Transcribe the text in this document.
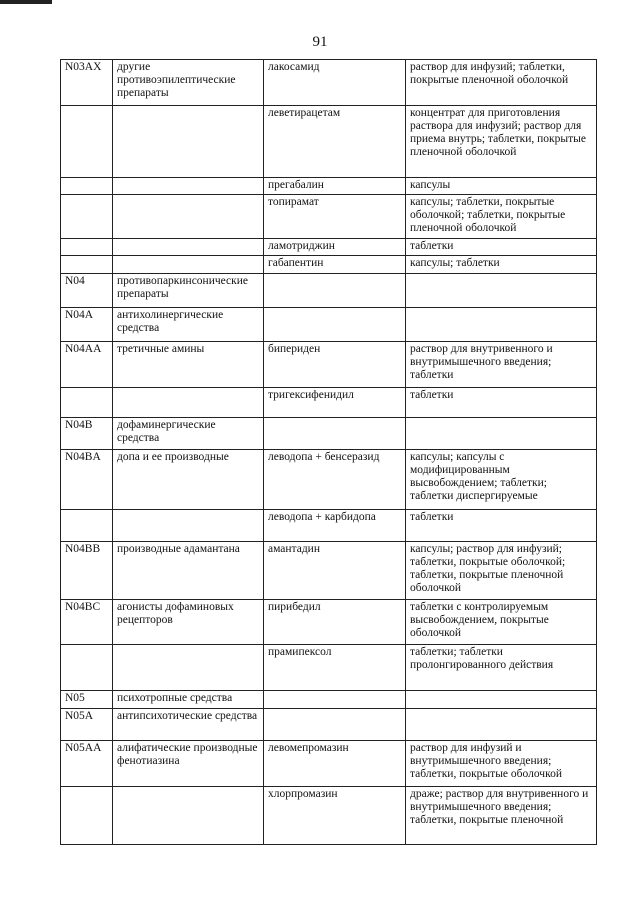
91
N03AX	другие противоэпилептические препараты	лакосамид	раствор для инфузий; таблетки, покрытые пленочной оболочкой
		леветирацетам	концентрат для приготовления раствора для инфузий; раствор для приема внутрь; таблетки, покрытые пленочной оболочкой
		прегабалин	капсулы
		топирамат	капсулы; таблетки, покрытые оболочкой; таблетки, покрытые пленочной оболочкой
		ламотриджин	таблетки
		габапентин	капсулы; таблетки
N04	противопаркинсонические препараты		
N04A	антихолинергические средства		
N04AA	третичные амины	бипериден	раствор для внутривенного и внутримышечного введения; таблетки
		тригексифенидил	таблетки
N04B	дофаминергические средства		
N04BA	допа и ее производные	леводопа + бенсеразид	капсулы; капсулы с модифицированным высвобождением; таблетки; таблетки диспергируемые
		леводопа + карбидопа	таблетки
N04BB	производные адамантана	амантадин	капсулы; раствор для инфузий; таблетки, покрытые оболочкой; таблетки, покрытые пленочной оболочкой
N04BC	агонисты дофаминовых рецепторов	пирибедил	таблетки с контролируемым высвобождением, покрытые оболочкой
		прамипексол	таблетки; таблетки пролонгированного действия
N05	психотропные средства		
N05A	антипсихотические средства		
N05AA	алифатические производные фенотиазина	левомепромазин	раствор для инфузий и внутримышечного введения; таблетки, покрытые оболочкой
		хлорпромазин	драже; раствор для внутривенного и внутримышечного введения; таблетки, покрытые пленочной
